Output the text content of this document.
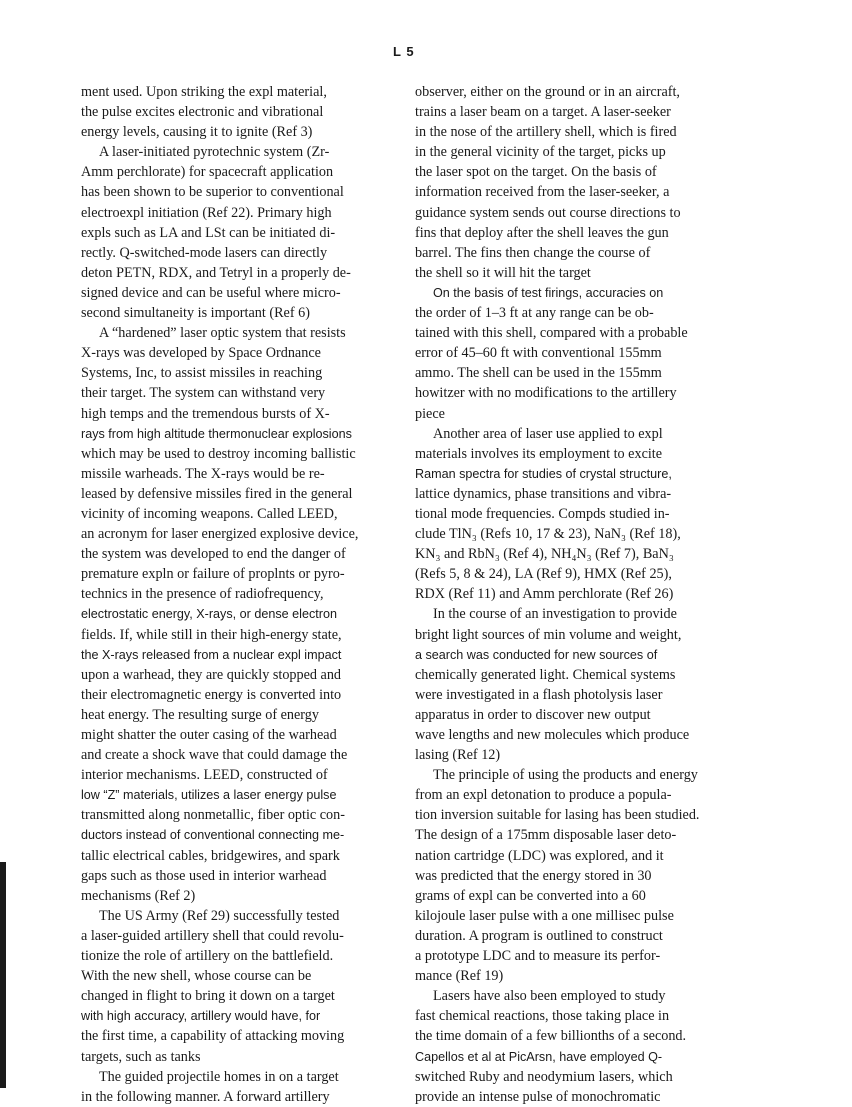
L 5
ment used. Upon striking the expl material,
the pulse excites electronic and vibrational
energy levels, causing it to ignite (Ref 3)
A laser-initiated pyrotechnic system (Zr-
Amm perchlorate) for spacecraft application
has been shown to be superior to conventional
electroexpl initiation (Ref 22). Primary high
expls such as LA and LSt can be initiated di-
rectly. Q-switched-mode lasers can directly
deton PETN, RDX, and Tetryl in a properly de-
signed device and can be useful where micro-
second simultaneity is important (Ref 6)
A “hardened” laser optic system that resists
X-rays was developed by Space Ordnance
Systems, Inc, to assist missiles in reaching
their target. The system can withstand very
high temps and the tremendous bursts of X-
rays from high altitude thermonuclear explosions
which may be used to destroy incoming ballistic
missile warheads. The X-rays would be re-
leased by defensive missiles fired in the general
vicinity of incoming weapons. Called LEED,
an acronym for laser energized explosive device,
the system was developed to end the danger of
premature expln or failure of proplnts or pyro-
technics in the presence of radiofrequency,
electrostatic energy, X-rays, or dense electron
fields. If, while still in their high-energy state,
the X-rays released from a nuclear expl impact
upon a warhead, they are quickly stopped and
their electromagnetic energy is converted into
heat energy. The resulting surge of energy
might shatter the outer casing of the warhead
and create a shock wave that could damage the
interior mechanisms. LEED, constructed of
low “Z” materials, utilizes a laser energy pulse
transmitted along nonmetallic, fiber optic con-
ductors instead of conventional connecting me-
tallic electrical cables, bridgewires, and spark
gaps such as those used in interior warhead
mechanisms (Ref 2)
The US Army (Ref 29) successfully tested
a laser-guided artillery shell that could revolu-
tionize the role of artillery on the battlefield.
With the new shell, whose course can be
changed in flight to bring it down on a target
with high accuracy, artillery would have, for
the first time, a capability of attacking moving
targets, such as tanks
The guided projectile homes in on a target
in the following manner. A forward artillery
observer, either on the ground or in an aircraft,
trains a laser beam on a target. A laser-seeker
in the nose of the artillery shell, which is fired
in the general vicinity of the target, picks up
the laser spot on the target. On the basis of
information received from the laser-seeker, a
guidance system sends out course directions to
fins that deploy after the shell leaves the gun
barrel. The fins then change the course of
the shell so it will hit the target
On the basis of test firings, accuracies on
the order of 1–3 ft at any range can be ob-
tained with this shell, compared with a probable
error of 45–60 ft with conventional 155mm
ammo. The shell can be used in the 155mm
howitzer with no modifications to the artillery
piece
Another area of laser use applied to expl
materials involves its employment to excite
Raman spectra for studies of crystal structure,
lattice dynamics, phase transitions and vibra-
tional mode frequencies. Compds studied in-
clude TlN₃ (Refs 10, 17 & 23), NaN₃ (Ref 18),
KN₃ and RbN₃ (Ref 4), NH₄N₃ (Ref 7), BaN₃
(Refs 5, 8 & 24), LA (Ref 9), HMX (Ref 25),
RDX (Ref 11) and Amm perchlorate (Ref 26)
In the course of an investigation to provide
bright light sources of min volume and weight,
a search was conducted for new sources of
chemically generated light. Chemical systems
were investigated in a flash photolysis laser
apparatus in order to discover new output
wave lengths and new molecules which produce
lasing (Ref 12)
The principle of using the products and energy
from an expl detonation to produce a popula-
tion inversion suitable for lasing has been studied.
The design of a 175mm disposable laser deto-
nation cartridge (LDC) was explored, and it
was predicted that the energy stored in 30
grams of expl can be converted into a 60
kilojoule laser pulse with a one millisec pulse
duration. A program is outlined to construct
a prototype LDC and to measure its perfor-
mance (Ref 19)
Lasers have also been employed to study
fast chemical reactions, those taking place in
the time domain of a few billionths of a second.
Capellos et al at PicArsn, have employed Q-
switched Ruby and neodymium lasers, which
provide an intense pulse of monochromatic
